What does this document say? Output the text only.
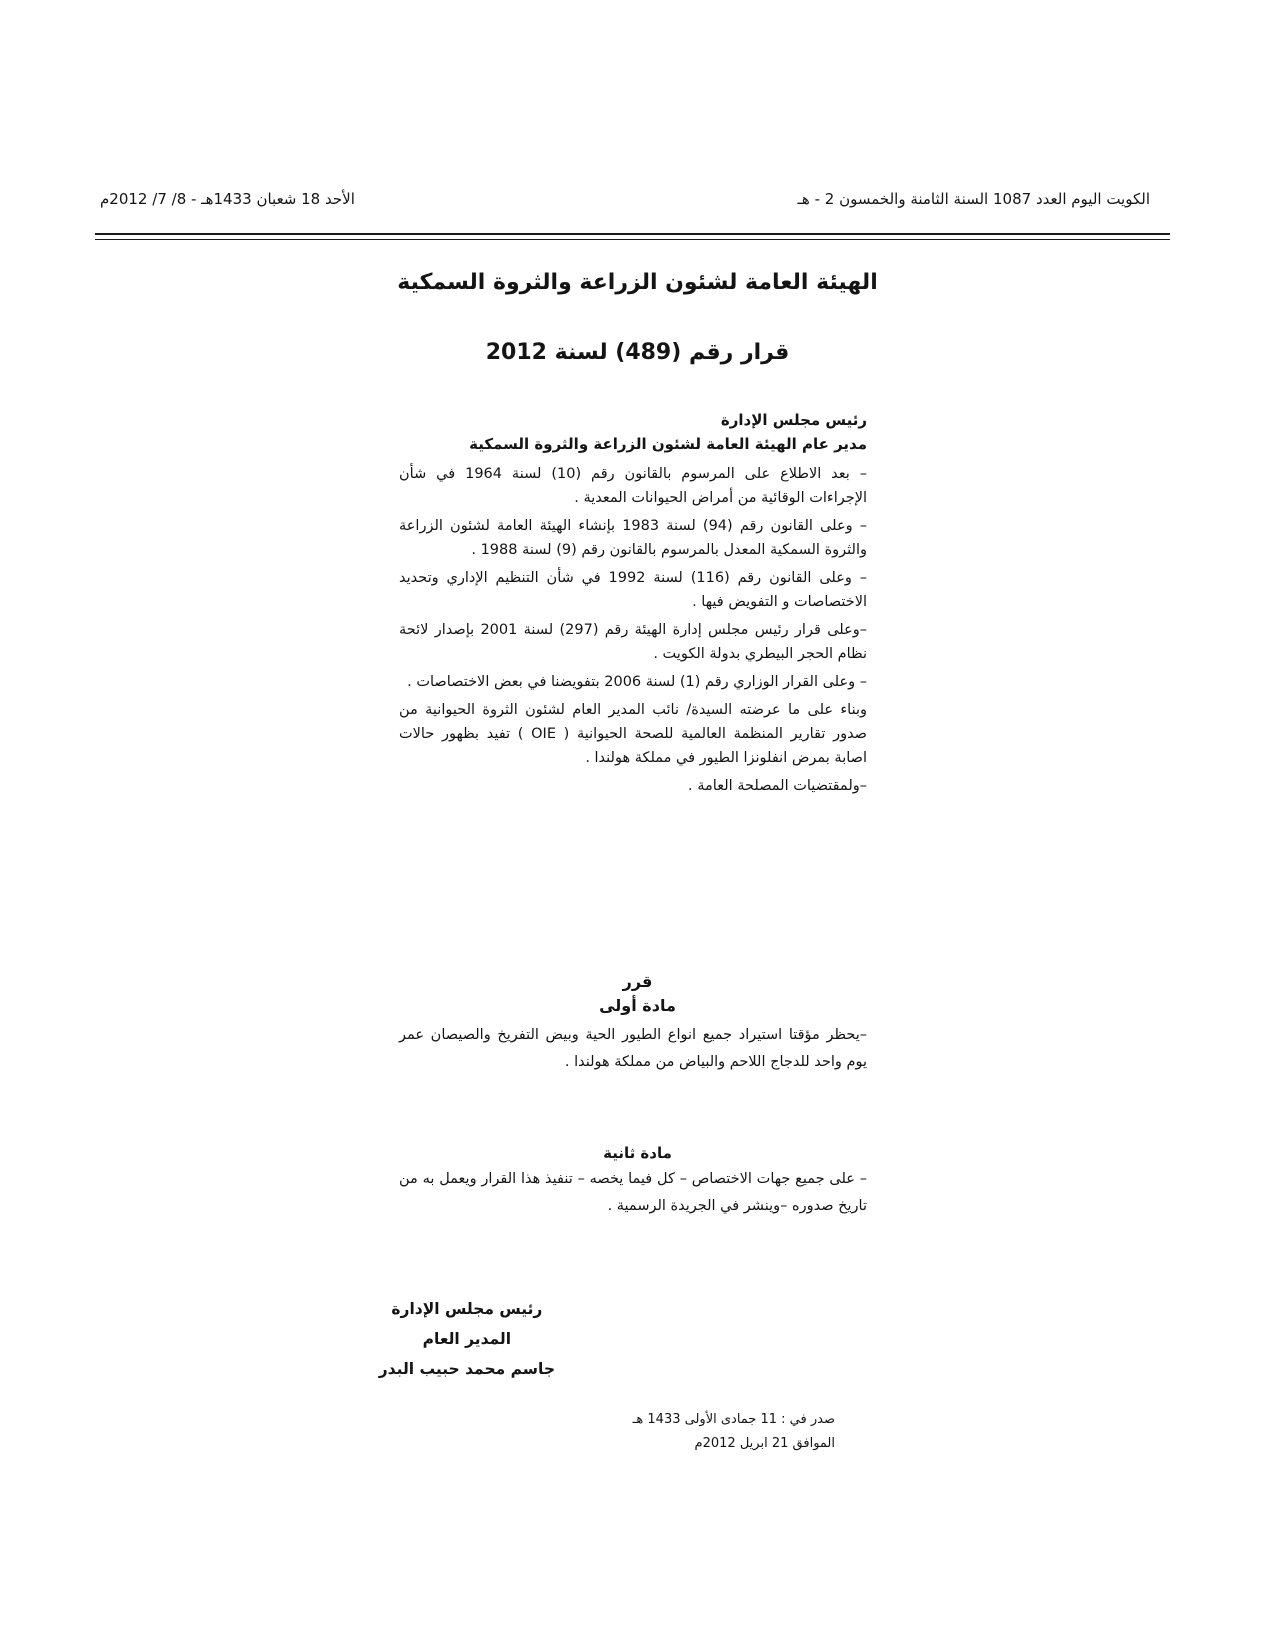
الكويت اليوم العدد 1087 السنة الثامنة والخمسون 2 - هـ
الأحد 18 شعبان 1433هـ - 8/ 7/ 2012م
الهيئة العامة لشئون الزراعة والثروة السمكية
قرار رقم (489) لسنة 2012
رئيس مجلس الإدارة
مدير عام الهيئة العامة لشئون الزراعة والثروة السمكية

– بعد الاطلاع على المرسوم بالقانون رقم (10) لسنة 1964 في شأن الإجراءات الوقائية من أمراض الحيوانات المعدية .

– وعلى القانون رقم (94) لسنة 1983 بإنشاء الهيئة العامة لشئون الزراعة والثروة السمكية المعدل بالمرسوم بالقانون رقم (9) لسنة 1988 .

– وعلى القانون رقم (116) لسنة 1992 في شأن التنظيم الإداري وتحديد الاختصاصات و التفويض فيها .

–وعلى قرار رئيس مجلس إدارة الهيئة رقم (297) لسنة 2001 بإصدار لائحة نظام الحجر البيطري بدولة الكويت .

– وعلى القرار الوزاري رقم (1) لسنة 2006 بتفويضنا في بعض الاختصاصات .

وبناء على ما عرضته السيدة/ نائب المدير العام لشئون الثروة الحيوانية من صدور تقارير المنظمة العالمية للصحة الحيوانية ( OIE ) تفيد بظهور حالات اصابة بمرض انفلونزا الطيور في مملكة هولندا .

–ولمقتضيات المصلحة العامة .

قرر
مادة أولى
–يحظر مؤقتا استيراد جميع انواع الطيور الحية وبيض التفريخ والصيصان عمر يوم واحد للدجاج اللاحم والبياض من مملكة هولندا .
مادة ثانية
– على جميع جهات الاختصاص – كل فيما يخصه – تنفيذ هذا القرار ويعمل به من تاريخ صدوره –وينشر في الجريدة الرسمية .
رئيس مجلس الإدارة
المدير العام
جاسم محمد حبيب البدر
صدر في : 11 جمادى الأولى 1433 هـ
الموافق 21 ابريل 2012م
